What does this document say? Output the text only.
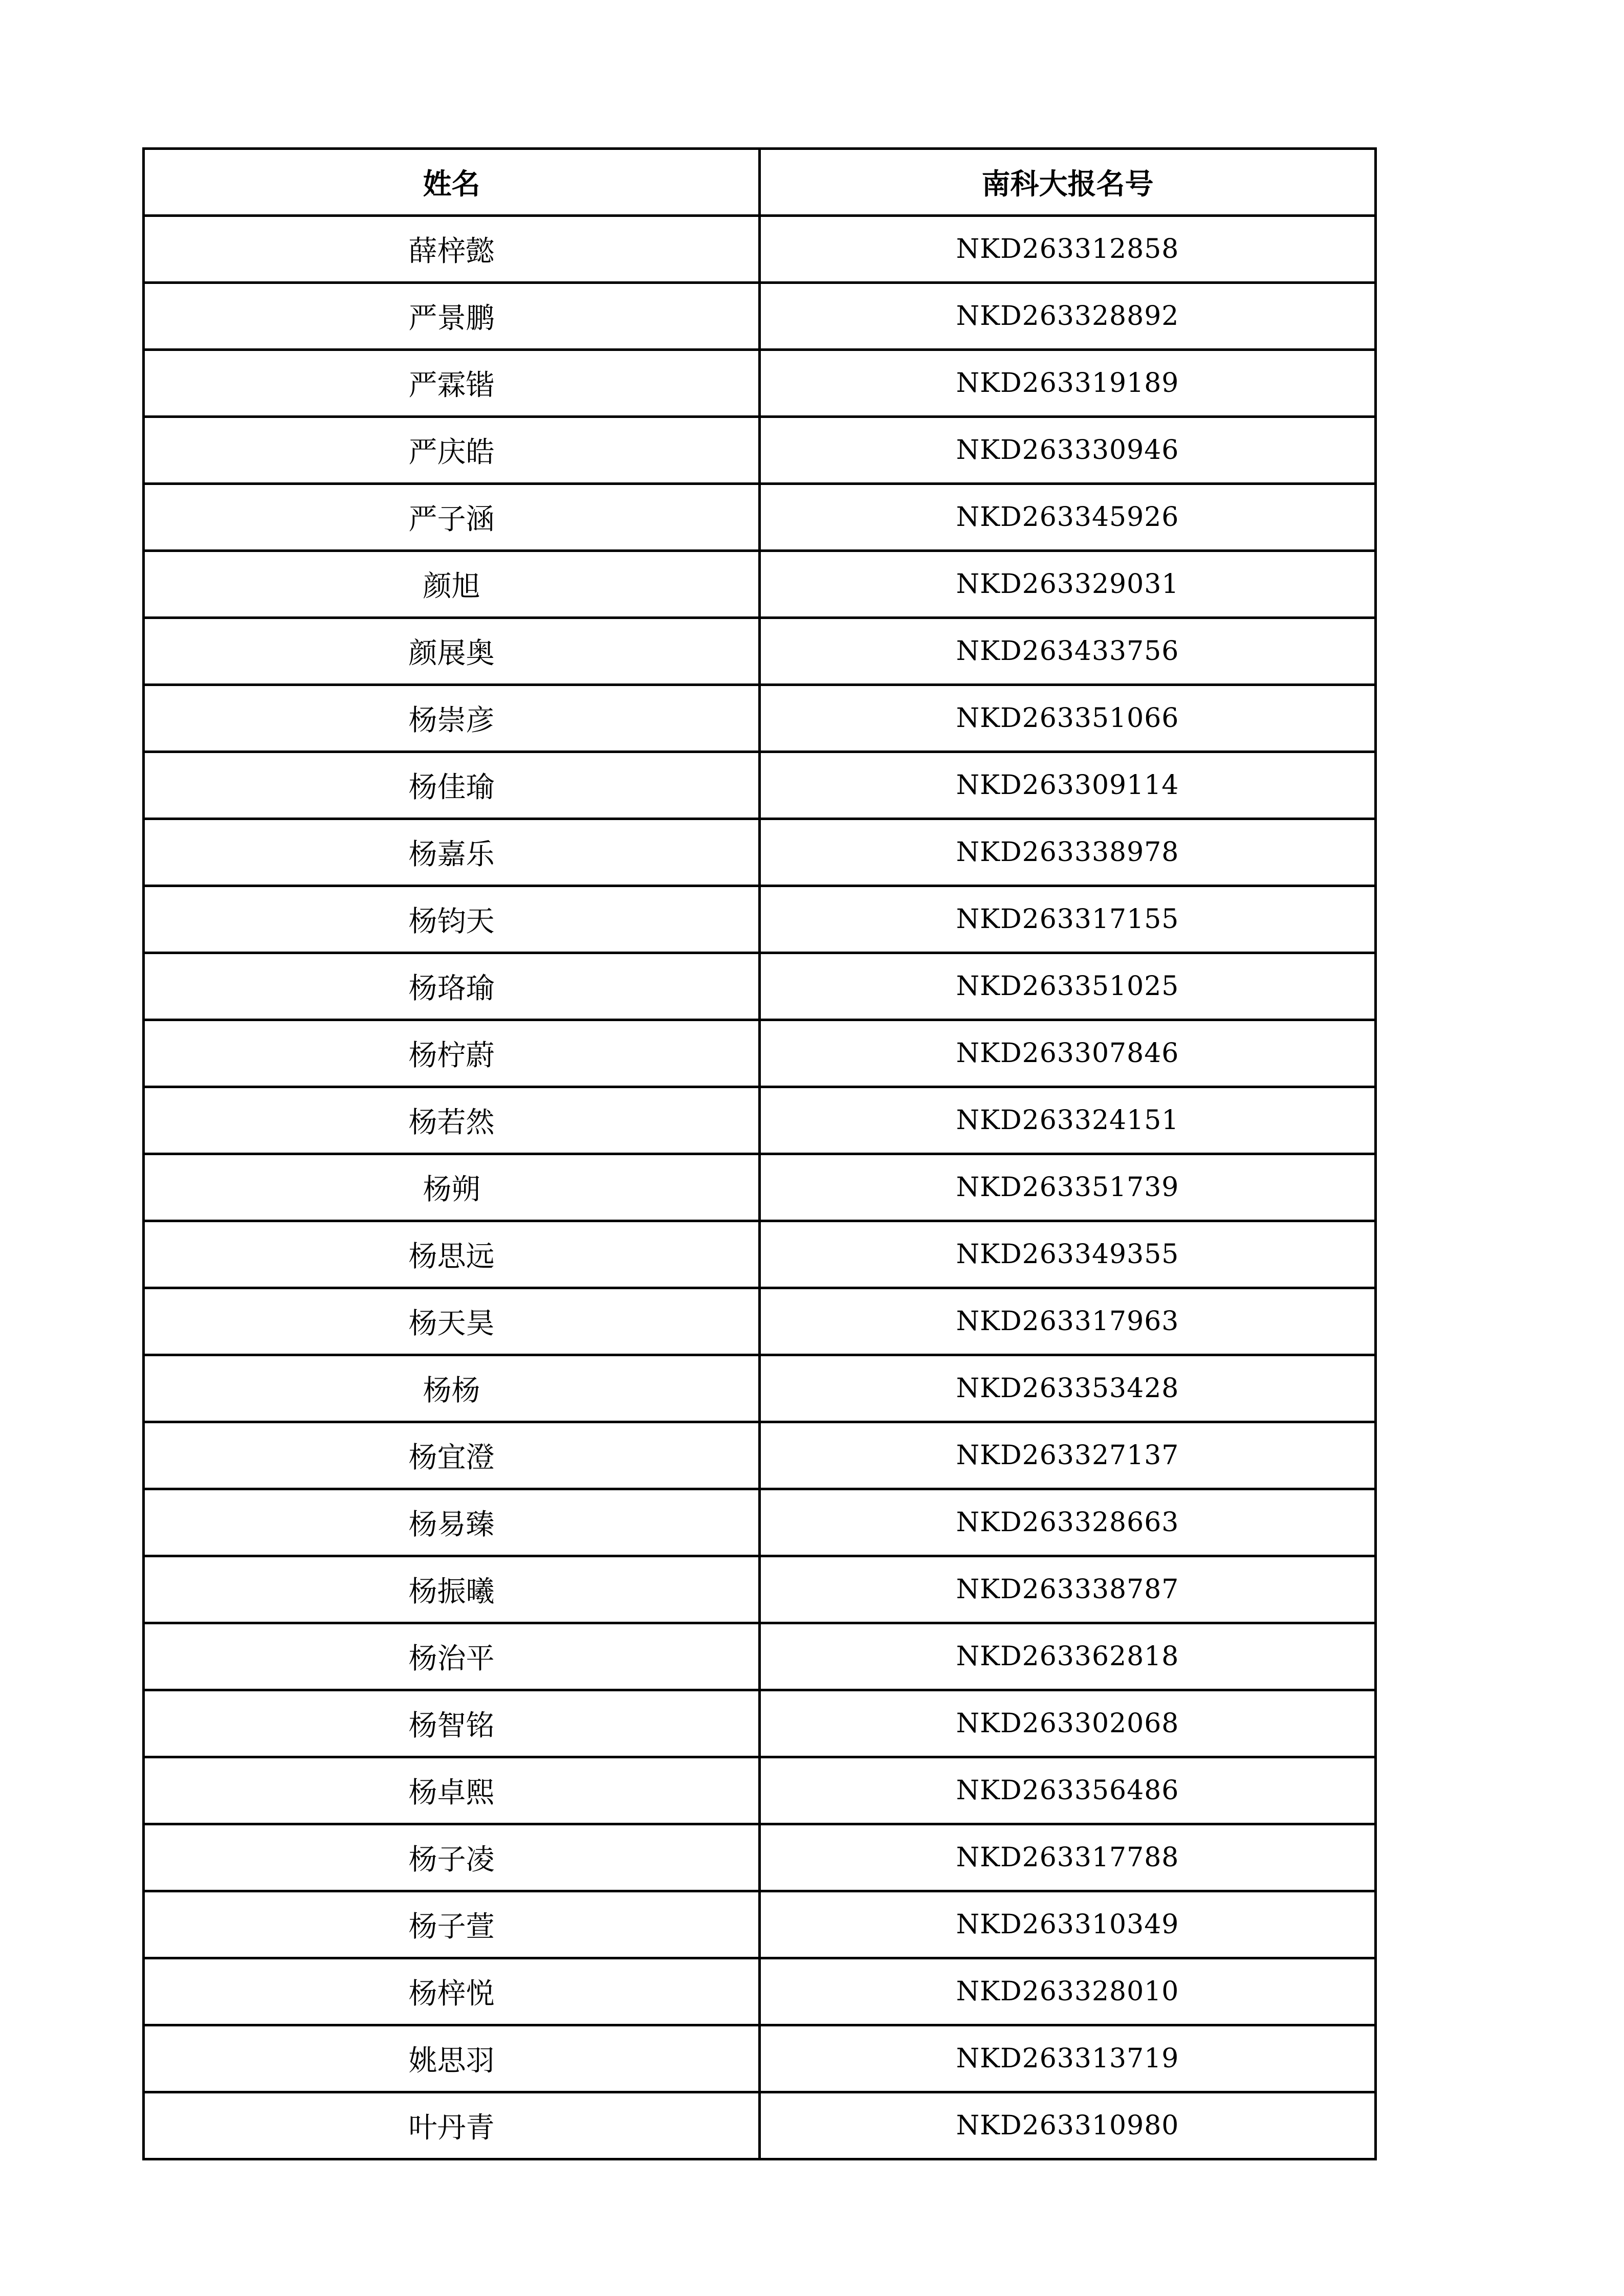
姓名	南科大报名号
薛梓懿	NKD263312858
严景鹏	NKD263328892
严霖锴	NKD263319189
严庆皓	NKD263330946
严子涵	NKD263345926
颜旭	NKD263329031
颜展奥	NKD263433756
杨崇彦	NKD263351066
杨佳瑜	NKD263309114
杨嘉乐	NKD263338978
杨钧天	NKD263317155
杨珞瑜	NKD263351025
杨柠蔚	NKD263307846
杨若然	NKD263324151
杨朔	NKD263351739
杨思远	NKD263349355
杨天昊	NKD263317963
杨杨	NKD263353428
杨宜澄	NKD263327137
杨易臻	NKD263328663
杨振曦	NKD263338787
杨治平	NKD263362818
杨智铭	NKD263302068
杨卓熙	NKD263356486
杨子凌	NKD263317788
杨子萱	NKD263310349
杨梓悦	NKD263328010
姚思羽	NKD263313719
叶丹青	NKD263310980
